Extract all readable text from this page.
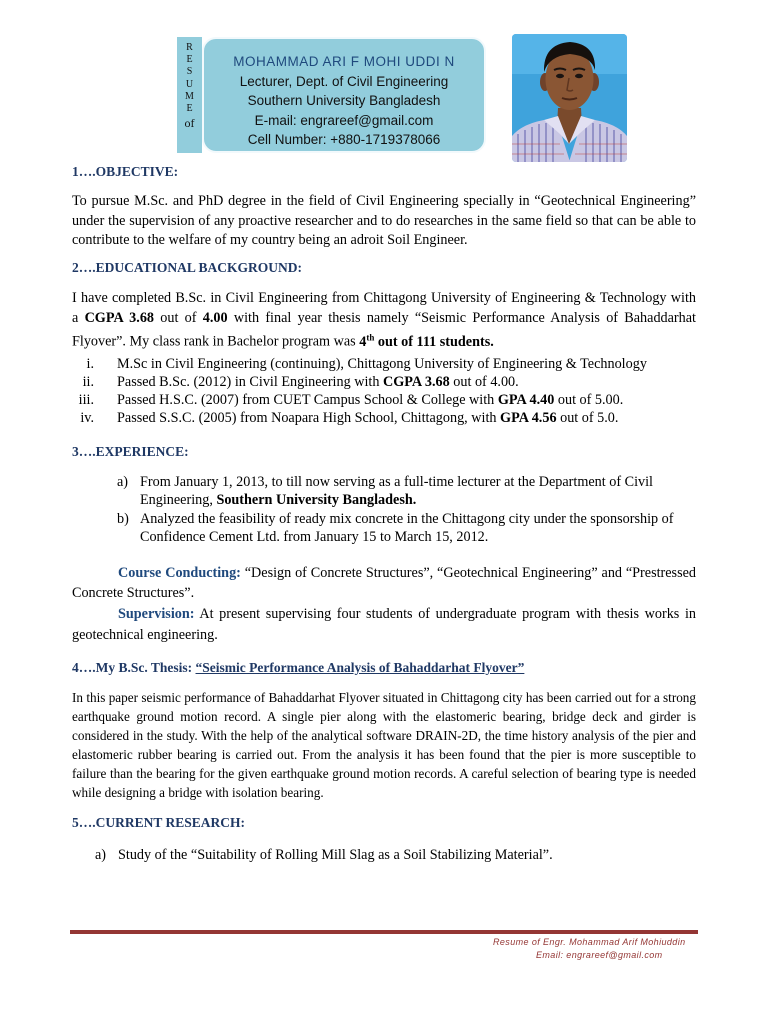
R
E
S
U
M
E
of
MOHAMMAD ARI F MOHI UDDI N
Lecturer, Dept. of Civil Engineering
Southern University Bangladesh
E-mail: engrareef@gmail.com
Cell Number: +880-1719378066
1….OBJECTIVE:
To pursue M.Sc. and PhD degree in the field of Civil Engineering specially in “Geotechnical Engineering” under the supervision of any proactive researcher and to do researches in the same field so that can be able to contribute to the welfare of my country being an adroit Soil Engineer.
2….EDUCATIONAL BACKGROUND:
I have completed B.Sc. in Civil Engineering from Chittagong University of Engineering & Technology with a CGPA 3.68 out of 4.00 with final year thesis namely “Seismic Performance Analysis of Bahaddarhat Flyover”. My class rank in Bachelor program was 4th out of 111 students.
i. M.Sc in Civil Engineering (continuing), Chittagong University of Engineering & Technology
ii. Passed B.Sc. (2012) in Civil Engineering with CGPA 3.68 out of 4.00.
iii. Passed H.S.C. (2007) from CUET Campus School & College with GPA 4.40 out of 5.00.
iv. Passed S.S.C. (2005) from Noapara High School, Chittagong, with GPA 4.56 out of 5.0.
3….EXPERIENCE:
a) From January 1, 2013, to till now serving as a full-time lecturer at the Department of Civil Engineering, Southern University Bangladesh.
b) Analyzed the feasibility of ready mix concrete in the Chittagong city under the sponsorship of Confidence Cement Ltd. from January 15 to March 15, 2012.
Course Conducting: “Design of Concrete Structures”, “Geotechnical Engineering” and “Prestressed Concrete Structures”.
Supervision: At present supervising four students of undergraduate program with thesis works in geotechnical engineering.
4….My B.Sc. Thesis: “Seismic Performance Analysis of Bahaddarhat Flyover”
In this paper seismic performance of Bahaddarhat Flyover situated in Chittagong city has been carried out for a strong earthquake ground motion record. A single pier along with the elastomeric bearing, bridge deck and girder is considered in the study. With the help of the analytical software DRAIN-2D, the time history analysis of the pier and elastomeric rubber bearing is carried out. From the analysis it has been found that the pier is more susceptible to failure than the bearing for the given earthquake ground motion records. A careful selection of bearing type is needed while designing a bridge with isolation bearing.
5….CURRENT RESEARCH:
a) Study of the “Suitability of Rolling Mill Slag as a Soil Stabilizing Material”.
Resume of Engr. Mohammad Arif Mohiuddin
Email: engrareef@gmail.com
